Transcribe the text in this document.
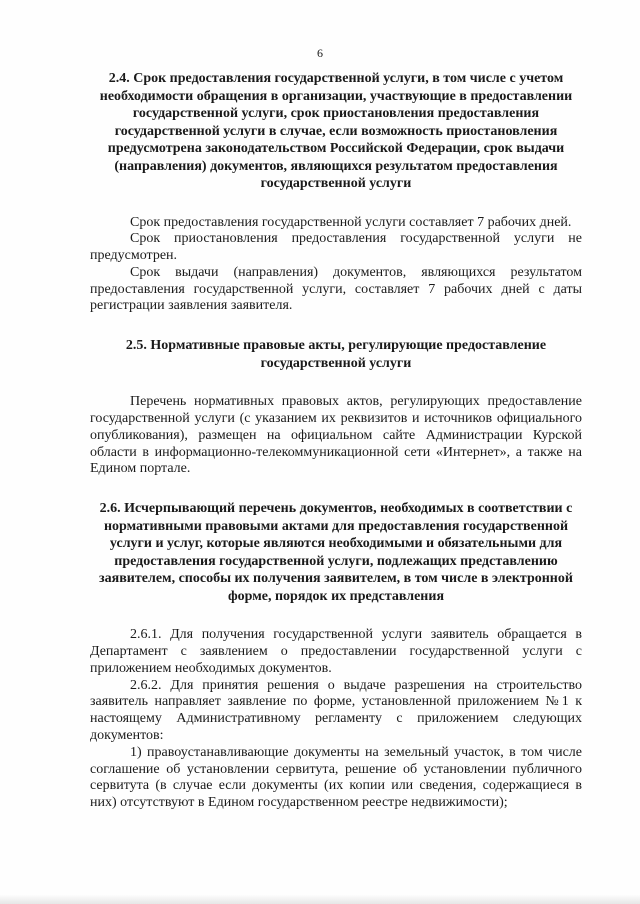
6

2.4. Срок предоставления государственной услуги, в том числе с учетом необходимости обращения в организации, участвующие в предоставлении государственной услуги, срок приостановления предоставления государственной услуги в случае, если возможность приостановления предусмотрена законодательством Российской Федерации, срок выдачи (направления) документов, являющихся результатом предоставления государственной услуги

Срок предоставления государственной услуги составляет 7 рабочих дней.

Срок приостановления предоставления государственной услуги не предусмотрен.

Срок выдачи (направления) документов, являющихся результатом предоставления государственной услуги, составляет 7 рабочих дней с даты регистрации заявления заявителя.

2.5. Нормативные правовые акты, регулирующие предоставление государственной услуги

Перечень нормативных правовых актов, регулирующих предоставление государственной услуги (с указанием их реквизитов и источников официального опубликования), размещен на официальном сайте Администрации Курской области в информационно-телекоммуникационной сети «Интернет», а также на Едином портале.

2.6. Исчерпывающий перечень документов, необходимых в соответствии с нормативными правовыми актами для предоставления государственной услуги и услуг, которые являются необходимыми и обязательными для предоставления государственной услуги, подлежащих представлению заявителем, способы их получения заявителем, в том числе в электронной форме, порядок их представления

2.6.1. Для получения государственной услуги заявитель обращается в Департамент с заявлением о предоставлении государственной услуги с приложением необходимых документов.

2.6.2. Для принятия решения о выдаче разрешения на строительство заявитель направляет заявление по форме, установленной приложением №1 к настоящему Административному регламенту с приложением следующих документов:

1) правоустанавливающие документы на земельный участок, в том числе соглашение об установлении сервитута, решение об установлении публичного сервитута (в случае если документы (их копии или сведения, содержащиеся в них) отсутствуют в Едином государственном реестре недвижимости);
